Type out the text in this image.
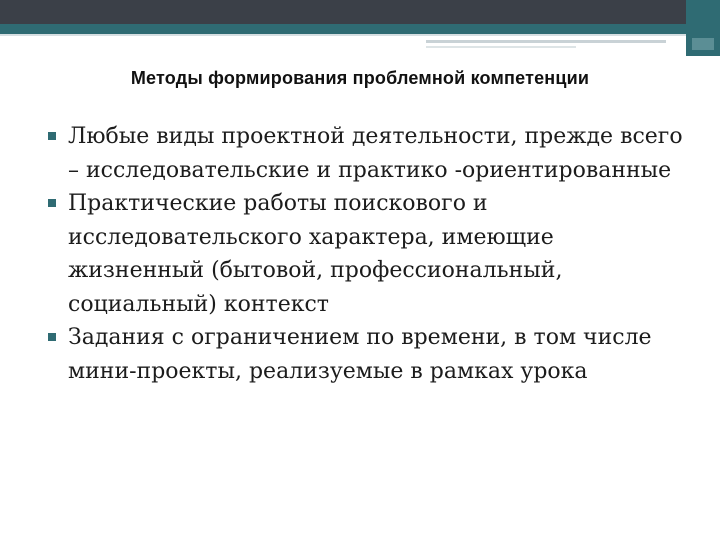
Методы формирования проблемной компетенции
Любые виды проектной деятельности, прежде всего – исследовательские и практико -ориентированные
Практические работы поискового и исследовательского характера, имеющие жизненный (бытовой, профессиональный, социальный) контекст
Задания с ограничением по времени, в том числе мини-проекты, реализуемые в рамках урока
